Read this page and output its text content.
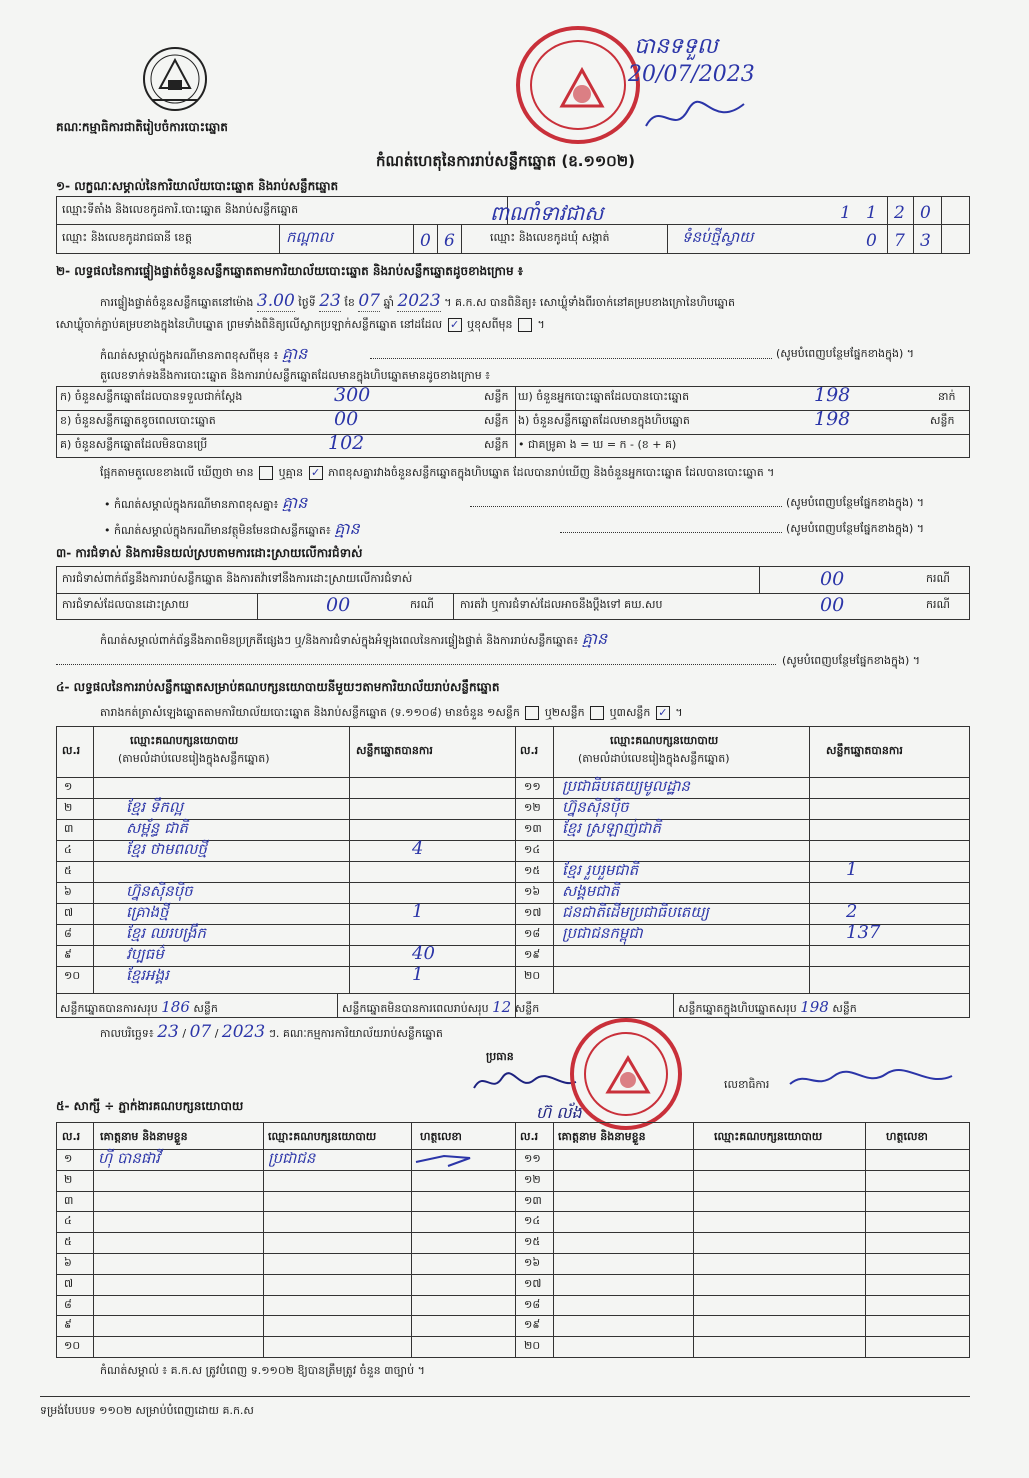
គណៈកម្មាធិការជាតិរៀបចំការបោះឆ្នោត
បានទទួល
20/07/2023
កំណត់ហេតុនៃការរាប់សន្លឹកឆ្នោត (ឧ.១១០២)
១- លក្ខណៈសម្គាល់នៃការិយាល័យបោះឆ្នោត និងរាប់សន្លឹកឆ្នោត
ឈ្មោះទីតាំង និងលេខកូដការិ.បោះឆ្នោត និងរាប់សន្លឹកឆ្នោត	ពាណាំទាវជាស	1 1 2 0
ឈ្មោះ និងលេខកូដរាជធានី ខេត្ត	កណ្ដាល	0 6	ឈ្មោះ និងលេខកូដឃុំ សង្កាត់	ទំនប់ថ្មីស្វាយ	0 7 3
២- លទ្ធផលនៃការផ្ទៀងផ្ទាត់ចំនួនសន្លឹកឆ្នោតតាមការិយាល័យបោះឆ្នោត និងរាប់សន្លឹកឆ្នោតដូចខាងក្រោម ៖
ការផ្ទៀងផ្ទាត់ចំនួនសន្លឹកឆ្នោតនៅម៉ោង 3.00 ថ្ងៃទី 23 ខែ 07 ឆ្នាំ 2023 ។ គ.ក.ស បានពិនិត្យ៖ សោឃ្លុំទាំងពីរចាក់នៅគម្របខាងក្រោនៃហិបឆ្នោត
សោឃ្លុំចាក់ភ្ជាប់គម្របខាងក្នុងនៃហិបឆ្នោត ព្រមទាំងពិនិត្យលើស្លាកប្រឡាក់សន្លឹកឆ្នោត នៅដដែល ✓ ឬខុសពីមុន  ។
កំណត់សម្គាល់ក្នុងករណីមានភាពខុសពីមុន ៖ គ្មាន	(សូមបំពេញបន្ថែមផ្នែកខាងក្នុង) ។
តួលេខទាក់ទងនឹងការបោះឆ្នោត និងការរាប់សន្លឹកឆ្នោតដែលមានក្នុងហិបឆ្នោតមានដូចខាងក្រោម ៖
ក) ចំនួនសន្លឹកឆ្នោតដែលបានទទួលជាក់ស្តែង	300	សន្លឹក
ខ) ចំនួនសន្លឹកឆ្នោតខូចពេលបោះឆ្នោត	00	សន្លឹក
គ) ចំនួនសន្លឹកឆ្នោតដែលមិនបានប្រើ	102	សន្លឹក
ឃ) ចំនួនអ្នកបោះឆ្នោតដែលបានបោះឆ្នោត	198	នាក់
ង) ចំនួនសន្លឹកឆ្នោតដែលមានក្នុងហិបឆ្នោត	198	សន្លឹក
• ជាគម្រូគា ង = ឃ = ក - (ខ + គ)
ផ្អែកតាមតួលេខខាងលើ ឃើញថា មាន ឬគ្មាន ✓ ភាពខុសគ្នារវាងចំនួនសន្លឹកឆ្នោតក្នុងហិបឆ្នោត ដែលបានរាប់ឃើញ និងចំនួនអ្នកបោះឆ្នោត ដែលបានបោះឆ្នោត ។
• កំណត់សម្គាល់ក្នុងករណីមានភាពខុសគ្នា៖ គ្មាន	(សូមបំពេញបន្ថែមផ្នែកខាងក្នុង) ។
• កំណត់សម្គាល់ក្នុងករណីមានវត្ថុមិនមែនជាសន្លឹកឆ្នោត៖ គ្មាន	(សូមបំពេញបន្ថែមផ្នែកខាងក្នុង) ។
៣- ការជំទាស់ និងការមិនយល់ស្របតាមការដោះស្រាយលើការជំទាស់
ការជំទាស់ពាក់ព័ន្ធនឹងការរាប់សន្លឹកឆ្នោត និងការតវ៉ាទៅនឹងការដោះស្រាយលើការជំទាស់	00	ករណី
ការជំទាស់ដែលបានដោះស្រាយ	00	ករណី ការតវ៉ា ឬការជំទាស់ដែលអាចនឹងប្តឹងទៅ គឃ.សប	00	ករណី
កំណត់សម្គាល់ពាក់ព័ន្ធនឹងភាពមិនប្រក្រតីផ្សេងៗ ឬ/និងការជំទាស់ក្នុងអំឡុងពេលនៃការផ្ទៀងផ្ទាត់ និងការរាប់សន្លឹកឆ្នោត៖ គ្មាន
(សូមបំពេញបន្ថែមផ្នែកខាងក្នុង) ។
៤- លទ្ធផលនៃការរាប់សន្លឹកឆ្នោតសម្រាប់គណបក្សនយោបាយនីមួយៗតាមការិយាល័យរាប់សន្លឹកឆ្នោត
តារាងកត់ត្រាសំឡេងឆ្នោតតាមការិយាល័យបោះឆ្នោត និងរាប់សន្លឹកឆ្នោត (ទ.១១០៨) មានចំនួន ១សន្លឹក ឬ២សន្លឹក ឬ៣សន្លឹក ✓ ។
ល.រ
ឈ្មោះគណបក្សនយោបាយ
(តាមលំដាប់លេខរៀងក្នុងសន្លឹកឆ្នោត)
សន្លឹកឆ្នោតបានការ	ល.រ
ឈ្មោះគណបក្សនយោបាយ
(តាមលំដាប់លេខរៀងក្នុងសន្លឹកឆ្នោត)
សន្លឹកឆ្នោតបានការ
១
២	ខ្មែរ ទឹកល្អ
៣	សម្ព័ន្ធ ជាតិ
៤	ខ្មែរ ថាមពលថ្មី	4
៥
៦	ហ្វ៊ុនស៊ិនប៉ិច
៧	គ្រោងថ្មី	1
៨	ខ្មែរ ឈរបង្រឹក
៩	វប្បធម៌	40
១០	ខ្មែរអង្គរ	1
១១ ប្រជាធិបតេយ្យមូលដ្ឋាន
១២ ហ្វ៊ុនស៊ិនប៉ិច
១៣ ខ្មែរ ស្រឡាញ់ជាតិ
១៤
១៥ ខ្មែរ រួបរួមជាតិ	1
១៦ សង្គមជាតិ
១៧ ជនជាតិដើមប្រជាធិបតេយ្យ	2
១៨ ប្រជាជនកម្ពុជា	137
១៩
២០
សន្លឹកឆ្នោតបានការសរុប 186 សន្លឹក	សន្លឹកឆ្នោតមិនបានការពេលរាប់សរុប 12 សន្លឹក	សន្លឹកឆ្នោតក្នុងហិបឆ្នោតសរុប 198 សន្លឹក
កាលបរិច្ឆេទ៖ 23 / 07 / 2023 ៗ. គណៈកម្មការការិយាល័យរាប់សន្លឹកឆ្នោត
ប្រធាន
ហ៊ ល័ង
លេខាធិការ
៥- សាក្សី ÷ ភ្នាក់ងារគណបក្សនយោបាយ
ល.រ គោត្តនាម និងនាមខ្លួន	ឈ្មោះគណបក្សនយោបាយ	ហត្ថលេខា	ល.រ គោត្តនាម និងនាមខ្លួន	ឈ្មោះគណបក្សនយោបាយ	ហត្ថលេខា
១ ហ៊ី បានផាវី	ប្រជាជន
២
៣
៤
៥
៦
៧
៨
៩
១០
១១
១២
១៣
១៤
១៥
១៦
១៧
១៨
១៩
២០
កំណត់សម្គាល់ ៖ គ.ក.ស ត្រូវបំពេញ ទ.១១០២ ឱ្យបានត្រឹមត្រូវ ចំនួន ៣ច្បាប់ ។
ទម្រង់បែបបទ ១១០២ សម្រាប់បំពេញដោយ គ.ក.ស
